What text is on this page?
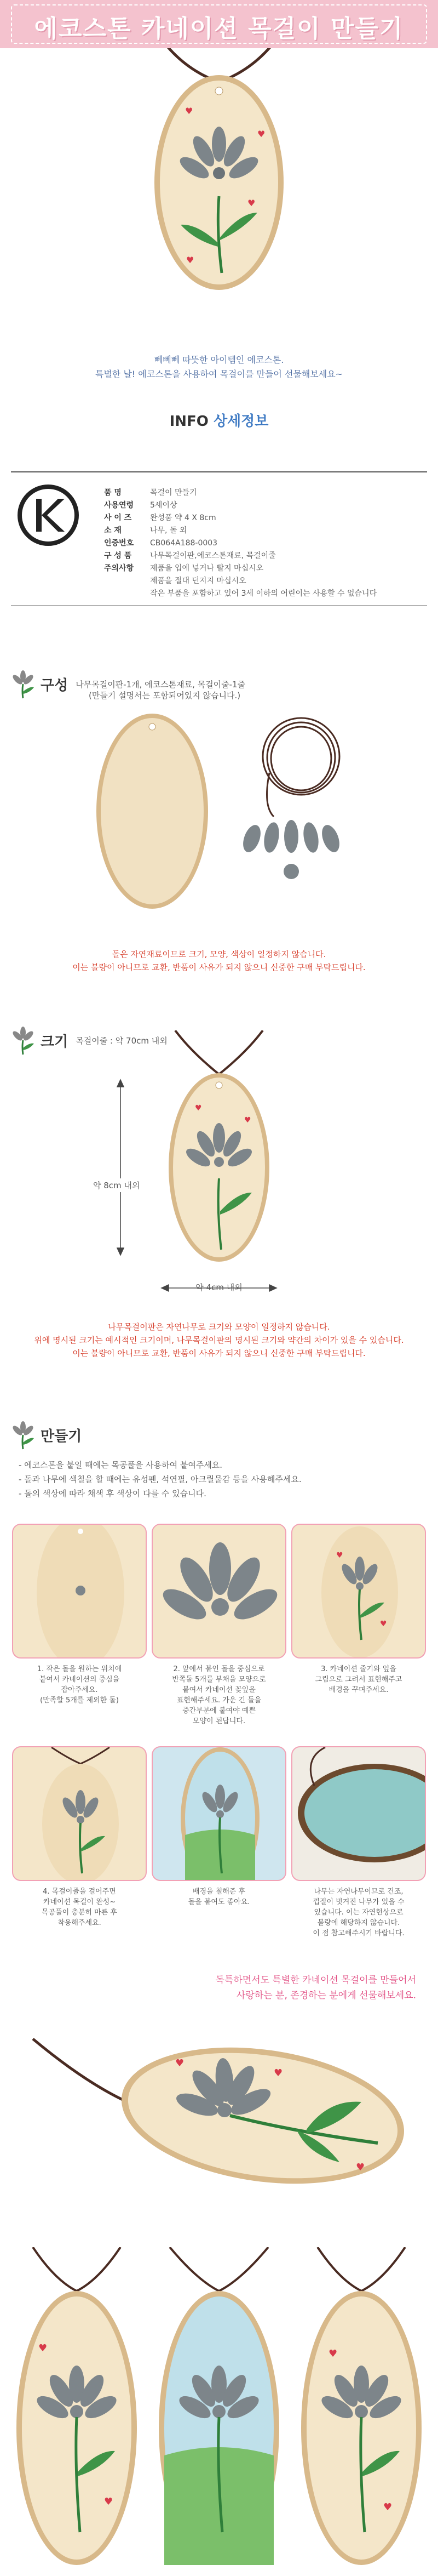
에코스톤 카네이션 목걸이 만들기
♥
♥
♥
♥
뻬뻬뻬 따뜻한 아이템인 에코스톤.
특별한 날! 에코스톤을 사용하여 목걸이를 만들어 선물해보세요~
INFO 상세정보
품 명	목걸이 만들기
사용연령	5세이상
사 이 즈	완성품 약 4 X 8cm
소 재	나무, 돌 외
인증번호	CB064A188-0003
구 성 품	나무목걸이판,에코스톤재료, 목걸이줄
주의사항	제품을 입에 넣거나 빨지 마십시오
제품을 절대 던지지 마십시오
작은 부품을 포함하고 있어 3세 이하의 어린이는 사용할 수 없습니다
구성 나무목걸이판-1개, 에코스톤재료, 목걸이줄-1줄
(만들기 설명서는 포함되어있지 않습니다.)
돌은 자연재료이므로 크기, 모양, 색상이 일정하지 않습니다.
이는 불량이 아니므로 교환, 반품이 사유가 되지 않으니 신중한 구매 부탁드립니다.
크기 목걸이줄 : 약 70cm 내외
♥
♥
약 8cm 내외
약 4cm 내외
나무목걸이판은 자연나무로 크기와 모양이 일정하지 않습니다.
위에 명시된 크기는 예시적인 크기이며, 나무목걸이판의 명시된 크기와 약간의 차이가 있을 수 있습니다.
이는 불량이 아니므로 교환, 반품이 사유가 되지 않으니 신중한 구매 부탁드립니다.
만들기
- 에코스톤을 붙일 때에는 목공풀을 사용하여 붙여주세요.
- 돌과 나무에 색칠을 할 때에는 유성펜, 석연필, 아크릴물감 등을 사용해주세요.
- 돌의 색상에 따라 채색 후 색상이 다를 수 있습니다.
♥
♥
1. 작은 돌을 원하는 위치에
붙여서 카네이션의 중심을
잡아주세요.
(만족할 5개를 제외한 돌)
2. 앞에서 붙인 돌을 중심으로
반쪽돌 5개를 부채을 모양으로
붙여서 카네이션 꽃잎을
표현해주세요. 가운 긴 돌을
중간부분에 붙여야 예쁜
모양이 된답니다.
3. 카네이션 줄기와 잎을
그림으로 그려서 표현해주고
배경을 꾸며주세요.
4. 목걸이줄을 걸어주면
카네이션 목걸이 완성~
목공풀이 충분히 마른 후
착용해주세요.
배경을 칠해준 후
돌을 붙여도 좋아요.
나무는 자연나무이므로 건조,
껍질이 벗겨진 나무가 있을 수
있습니다. 이는 자연현상으로
불량에 해당하지 않습니다.
이 점 참고해주시기 바랍니다.
독특하면서도 특별한 카네이션 목걸이를 만들어서
사랑하는 분, 존경하는 분에게 선물해보세요.
♥
♥
♥
♥
♥
♥
♥
